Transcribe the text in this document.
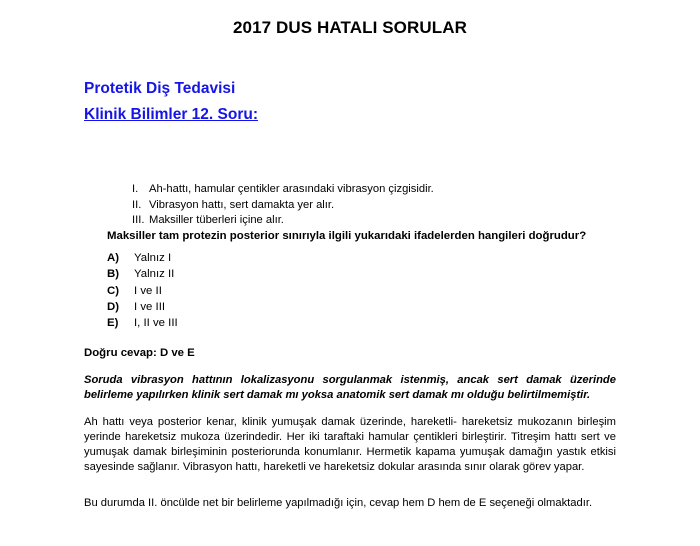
2017 DUS HATALI SORULAR
Protetik Diş Tedavisi
Klinik Bilimler 12. Soru:
I. Ah-hattı, hamular çentikler arasındaki vibrasyon çizgisidir.
II. Vibrasyon hattı, sert damakta yer alır.
III. Maksiller tüberleri içine alır.
Maksiller tam protezin posterior sınırıyla ilgili yukarıdaki ifadelerden hangileri doğrudur?
A)	Yalnız I
B)	Yalnız II
C)	I ve II
D)	I ve III
E)	I, II ve III
Doğru cevap: D ve E
Soruda vibrasyon hattının lokalizasyonu sorgulanmak istenmiş, ancak sert damak üzerinde belirleme yapılırken klinik sert damak mı yoksa anatomik sert damak mı olduğu belirtilmemiştir.
Ah hattı veya posterior kenar, klinik yumuşak damak üzerinde, hareketli- hareketsiz mukozanın birleşim yerinde hareketsiz mukoza üzerindedir. Her iki taraftaki hamular çentikleri birleştirir. Titreşim hattı sert ve yumuşak damak birleşiminin posteriorunda konumlanır. Hermetik kapama yumuşak damağın yastık etkisi sayesinde sağlanır. Vibrasyon hattı, hareketli ve hareketsiz dokular arasında sınır olarak görev yapar.
Bu durumda II. öncülde net bir belirleme yapılmadığı için, cevap hem D hem de E seçeneği olmaktadır.
